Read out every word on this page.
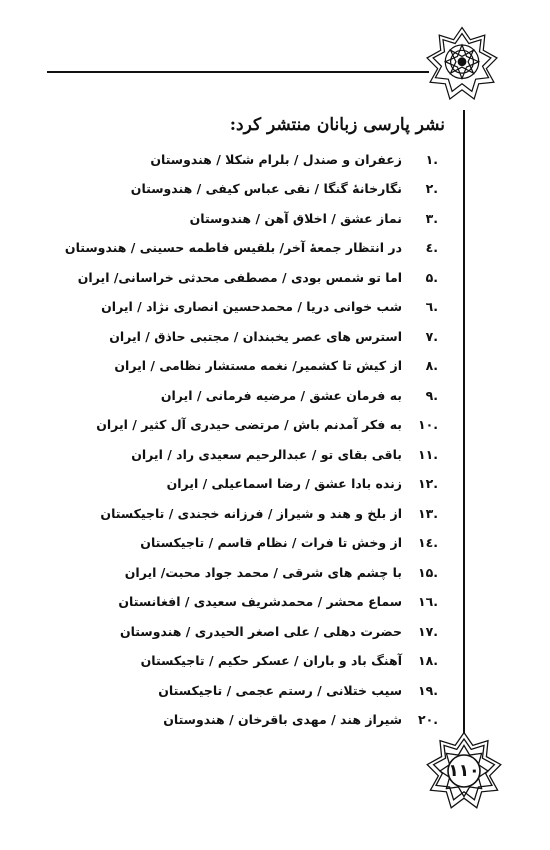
۱۱۰
نشر پارسی زبانان منتشر کرد:
.۱
زعفران و صندل / بلرام شکلا / هندوستان
.۲
نگارخانهٔ گنگا / نقی عباس کیفی / هندوستان
.۳
نماز عشق / اخلاق آهن / هندوستان
.٤
در انتظار جمعهٔ آخر/ بلقیس فاطمه حسینی / هندوستان
.۵
اما تو شمس بودی / مصطفی محدثی خراسانی/ ایران
.٦
شب خوانی دریا / محمدحسین انصاری نژاد / ایران
.۷
استرس های عصر یخبندان / مجتبی حاذق / ایران
.۸
از کیش تا کشمیر/ نغمه مستشار نظامی / ایران
.۹
به فرمان عشق / مرضیه فرمانی / ایران
.۱۰
به فکر آمدنم باش / مرتضی حیدری آل کثیر / ایران
.۱۱
باقی بقای تو / عبدالرحیم سعیدی راد / ایران
.۱۲
زنده بادا عشق / رضا اسماعیلی / ایران
.۱۳
از بلخ و هند و شیراز / فرزانه خجندی / تاجیکستان
.۱٤
از وخش تا فرات / نظام قاسم / تاجیکستان
.۱۵
با چشم های شرقی / محمد جواد محبت/ ایران
.۱٦
سماع محشر / محمدشریف سعیدی / افغانستان
.۱۷
حضرت دهلی / علی اصغر الحیدری / هندوستان
.۱۸
آهنگ باد و باران / عسکر حکیم / تاجیکستان
.۱۹
سیب ختلانی / رستم عجمی / تاجیکستان
.۲۰
شیراز هند / مهدی باقرخان / هندوستان
